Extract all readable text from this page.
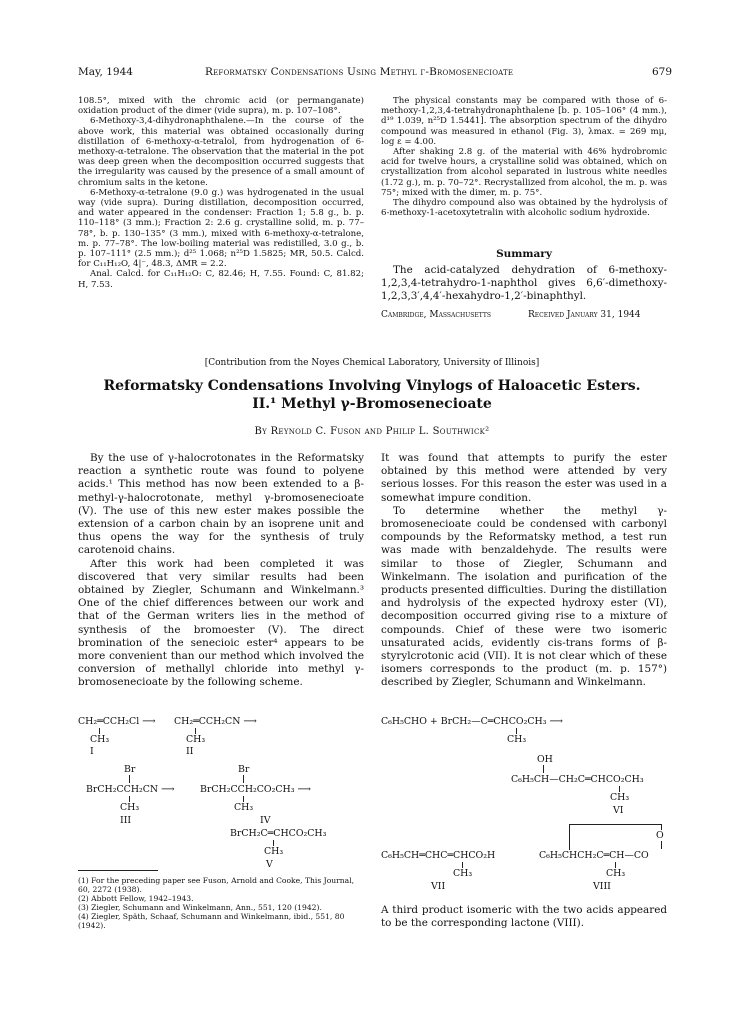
May, 1944	Reformatsky Condensations Using Methyl γ-Bromosenecioate	679

108.5°, mixed with the chromic acid (or permanganate) oxidation product of the dimer (vide supra), m. p. 107–108°.

6-Methoxy-3,4-dihydronaphthalene.—In the course of the above work, this material was obtained occasionally during distillation of 6-methoxy-α-tetralol, from hydrogenation of 6-methoxy-α-tetralone. The observation that the material in the pot was deep green when the decomposition occurred suggests that the irregularity was caused by the presence of a small amount of chromium salts in the ketone.

6-Methoxy-α-tetralone (9.0 g.) was hydrogenated in the usual way (vide supra). During distillation, decomposition occurred, and water appeared in the condenser: Fraction 1; 5.8 g., b. p. 110–118° (3 mm.); Fraction 2: 2.6 g. crystalline solid, m. p. 77–78°, b. p. 130–135° (3 mm.), mixed with 6-methoxy-α-tetralone, m. p. 77–78°. The low-boiling material was redistilled, 3.0 g., b. p. 107–111° (2.5 mm.); d²⁵ 1.068; n²⁵D 1.5825; MR, 50.5. Calcd. for C₁₁H₁₂O, 4|⁻, 48.3, ΔMR = 2.2.

Anal. Calcd. for C₁₁H₁₂O: C, 82.46; H, 7.55. Found: C, 81.82; H, 7.53.

The physical constants may be compared with those of 6-methoxy-1,2,3,4-tetrahydronaphthalene [b. p. 105–106° (4 mm.), d¹⁹ 1.039, n²⁵D 1.5441]. The absorption spectrum of the dihydro compound was measured in ethanol (Fig. 3), λmax. = 269 mμ, log ε = 4.00.

After shaking 2.8 g. of the material with 46% hydrobromic acid for twelve hours, a crystalline solid was obtained, which on crystallization from alcohol separated in lustrous white needles (1.72 g.), m. p. 70–72°. Recrystallized from alcohol, the m. p. was 75°; mixed with the dimer, m. p. 75°.

The dihydro compound also was obtained by the hydrolysis of 6-methoxy-1-acetoxytetralin with alcoholic sodium hydroxide.

Summary
The acid-catalyzed dehydration of 6-methoxy-1,2,3,4-tetrahydro-1-naphthol gives 6,6′-dimethoxy-1,2,3,3′,4,4′-hexahydro-1,2′-binaphthyl.
Cambridge, Massachusetts	Received January 31, 1944
[Contribution from the Noyes Chemical Laboratory, University of Illinois]
Reformatsky Condensations Involving Vinylogs of Haloacetic Esters.
II.¹ Methyl γ-Bromosenecioate
By Reynold C. Fuson and Philip L. Southwick²

By the use of γ-halocrotonates in the Reformatsky reaction a synthetic route was found to polyene acids.¹ This method has now been extended to a β-methyl-γ-halocrotonate, methyl γ-bromosenecioate (V). The use of this new ester makes possible the extension of a carbon chain by an isoprene unit and thus opens the way for the synthesis of truly carotenoid chains.

After this work had been completed it was discovered that very similar results had been obtained by Ziegler, Schumann and Winkelmann.³ One of the chief differences between our work and that of the German writers lies in the method of synthesis of the bromoester (V). The direct bromination of the senecioic ester⁴ appears to be more convenient than our method which involved the conversion of methallyl chloride into methyl γ-bromosenecioate by the following scheme.

It was found that attempts to purify the ester obtained by this method were attended by very serious losses. For this reason the ester was used in a somewhat impure condition.

To determine whether the methyl γ-bromosenecioate could be condensed with carbonyl compounds by the Reformatsky method, a test run was made with benzaldehyde. The results were similar to those of Ziegler, Schumann and Winkelmann. The isolation and purification of the products presented difficulties. During the distillation and hydrolysis of the expected hydroxy ester (VI), decomposition occurred giving rise to a mixture of compounds. Chief of these were two isomeric unsaturated acids, evidently cis-trans forms of β-styrylcrotonic acid (VII). It is not clear which of these isomers corresponds to the product (m. p. 157°) described by Ziegler, Schumann and Winkelmann.

CH₂═CCH₂Cl ⟶ CH₂═CCH₂CN ⟶
CH₃	CH₃
I	II
Br	Br
BrCH₂CCH₂CN ⟶	BrCH₂CCH₂CO₂CH₃ ⟶
CH₃	CH₃
III	IV
BrCH₂C═CHCO₂CH₃
CH₃
V

(1) For the preceding paper see Fuson, Arnold and Cooke, This Journal, 60, 2272 (1938).

(2) Abbott Fellow, 1942–1943.

(3) Ziegler, Schumann and Winkelmann, Ann., 551, 120 (1942).

(4) Ziegler, Späth, Schaaf, Schumann and Winkelmann, ibid., 551, 80 (1942).

C₆H₅CHO + BrCH₂—C═CHCO₂CH₃ ⟶
CH₃
OH
C₆H₅CH—CH₂C═CHCO₂CH₃
CH₃
VI
O
C₆H₅CH═CHC═CHCO₂H	C₆H₅CHCH₂C═CH—CO
CH₃	CH₃
VII	VIII
A third product isomeric with the two acids appeared to be the corresponding lactone (VIII).
